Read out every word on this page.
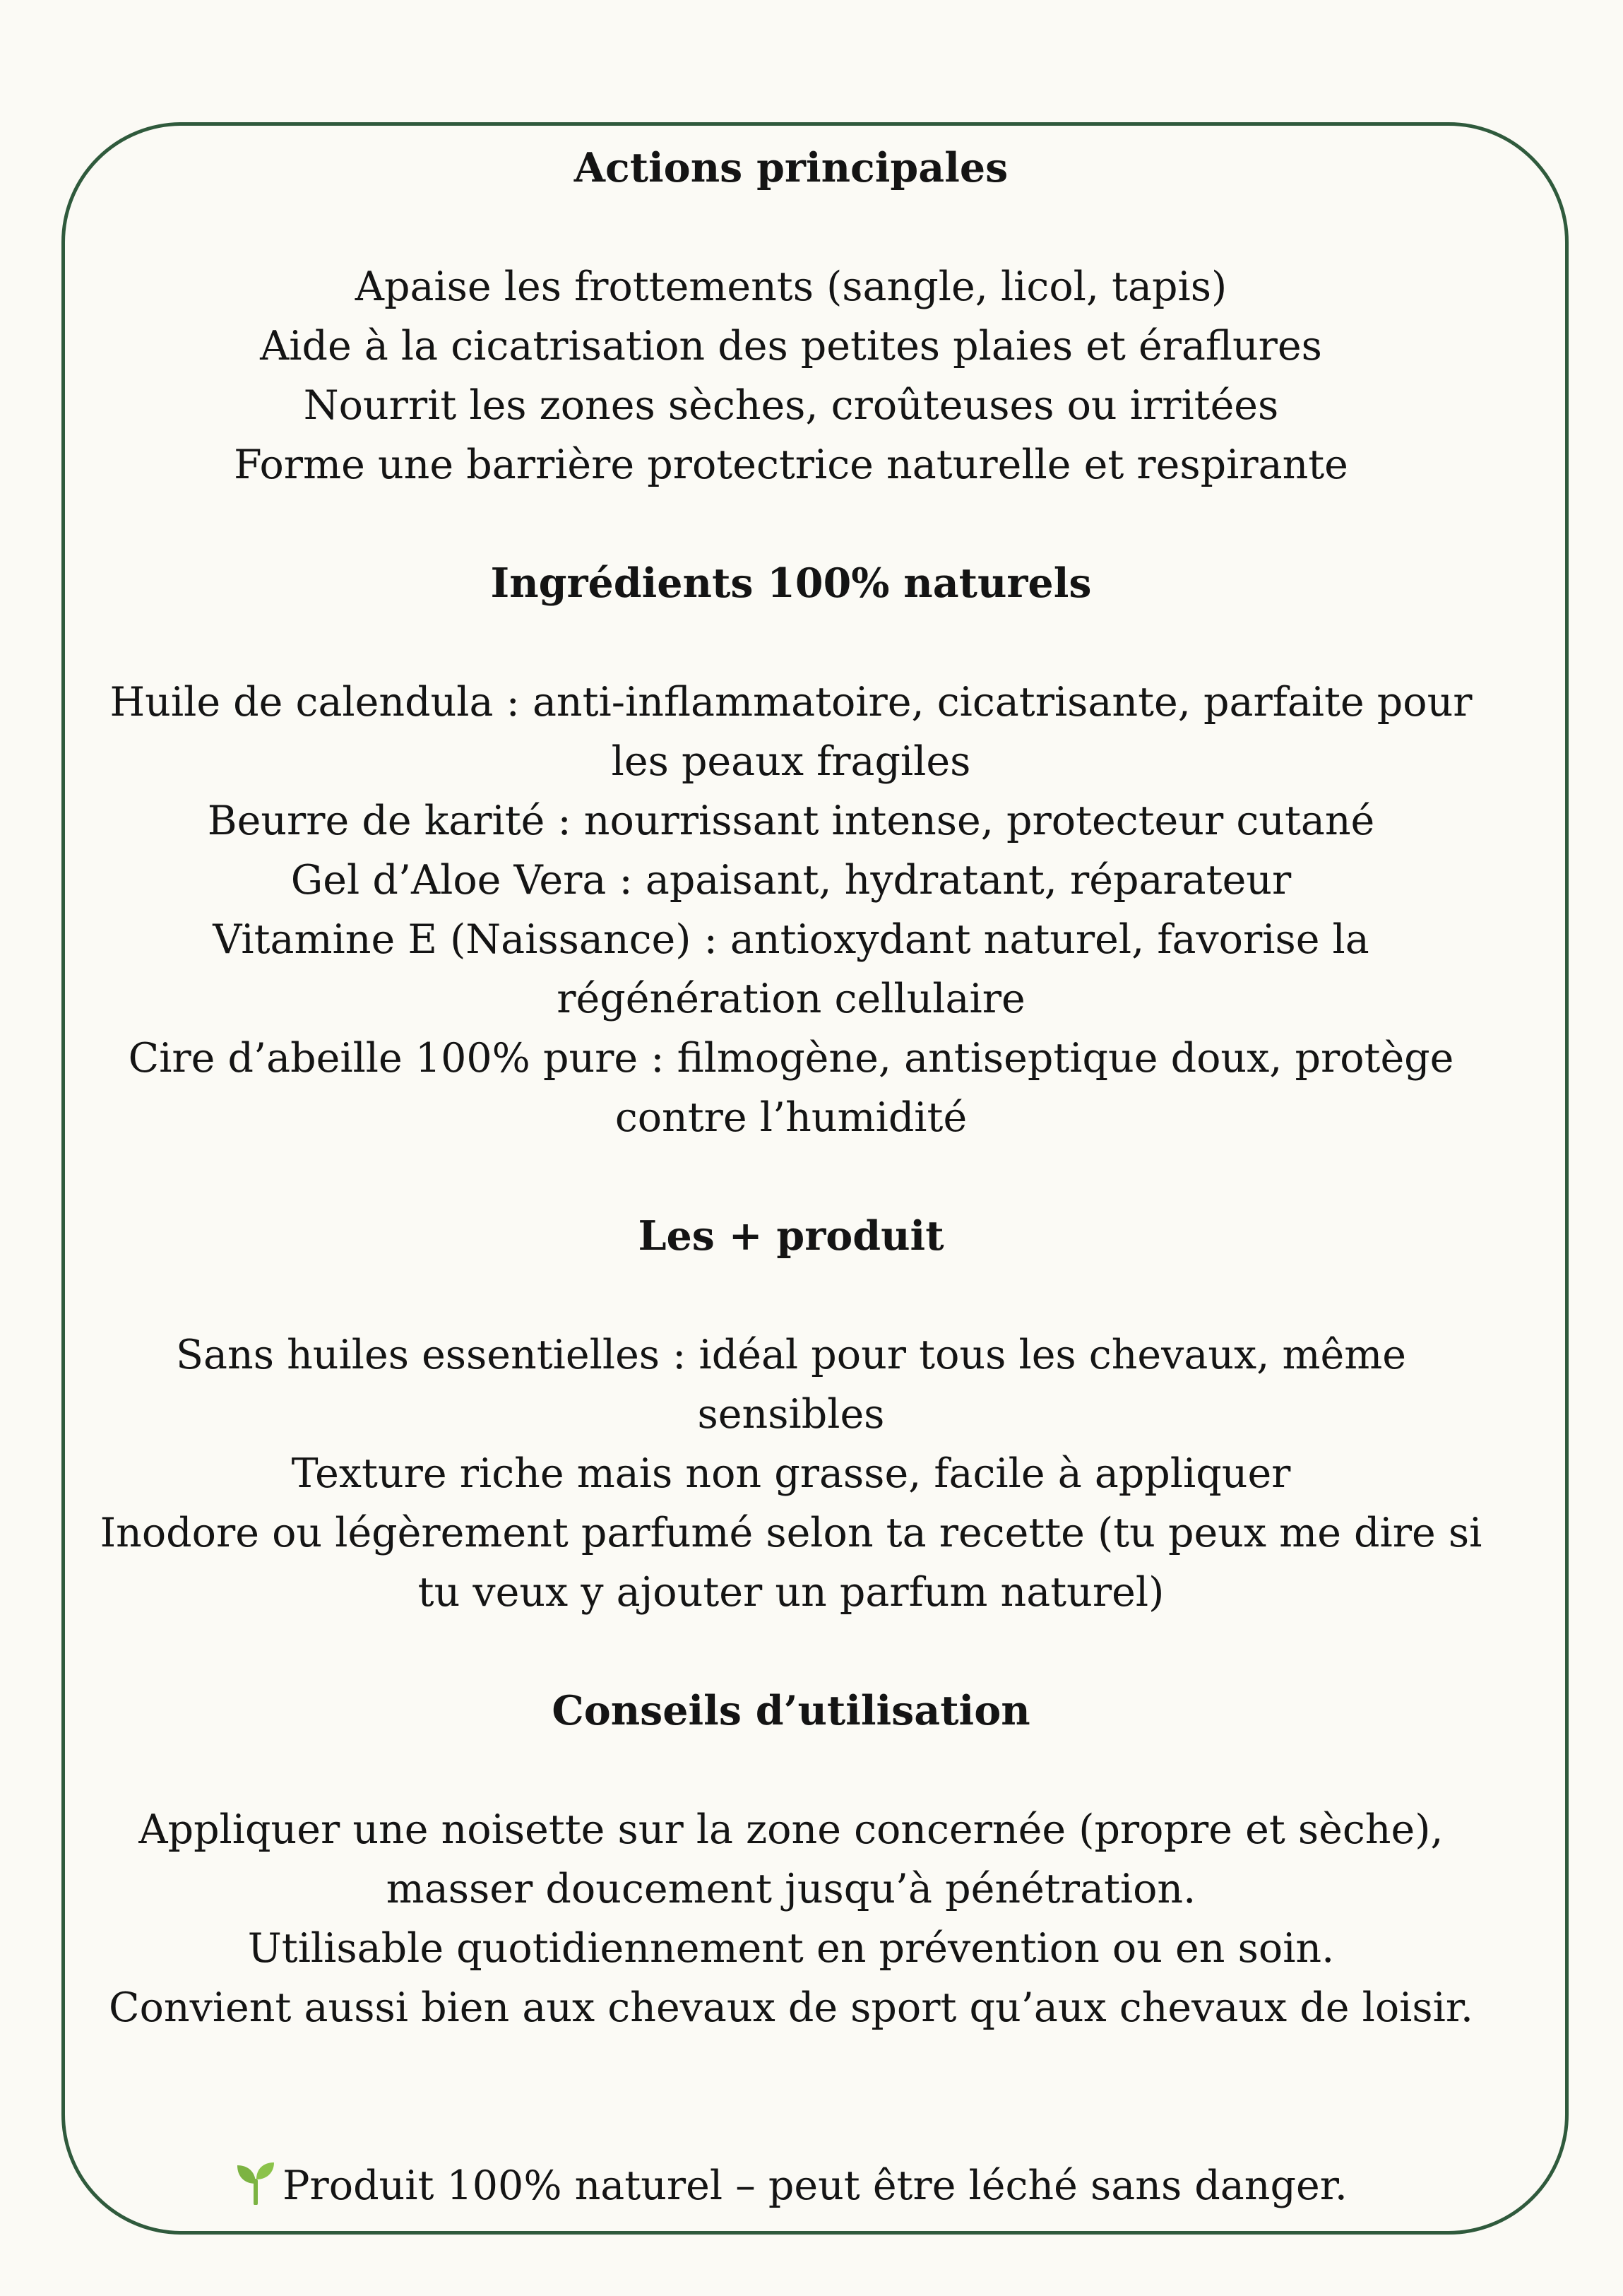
Actions principales

Apaise les frottements (sangle, licol, tapis)

Aide à la cicatrisation des petites plaies et éraflures

Nourrit les zones sèches, croûteuses ou irritées

Forme une barrière protectrice naturelle et respirante

Ingrédients 100% naturels

Huile de calendula : anti-inflammatoire, cicatrisante, parfaite pour les peaux fragiles

Beurre de karité : nourrissant intense, protecteur cutané

Gel d’Aloe Vera : apaisant, hydratant, réparateur

Vitamine E (Naissance) : antioxydant naturel, favorise la régénération cellulaire

Cire d’abeille 100% pure : filmogène, antiseptique doux, protège contre l’humidité

Les + produit

Sans huiles essentielles : idéal pour tous les chevaux, même sensibles

Texture riche mais non grasse, facile à appliquer

Inodore ou légèrement parfumé selon ta recette (tu peux me dire si tu veux y ajouter un parfum naturel)

Conseils d’utilisation

Appliquer une noisette sur la zone concernée (propre et sèche), masser doucement jusqu’à pénétration.

Utilisable quotidiennement en prévention ou en soin.

Convient aussi bien aux chevaux de sport qu’aux chevaux de loisir.

Produit 100% naturel – peut être léché sans danger.
